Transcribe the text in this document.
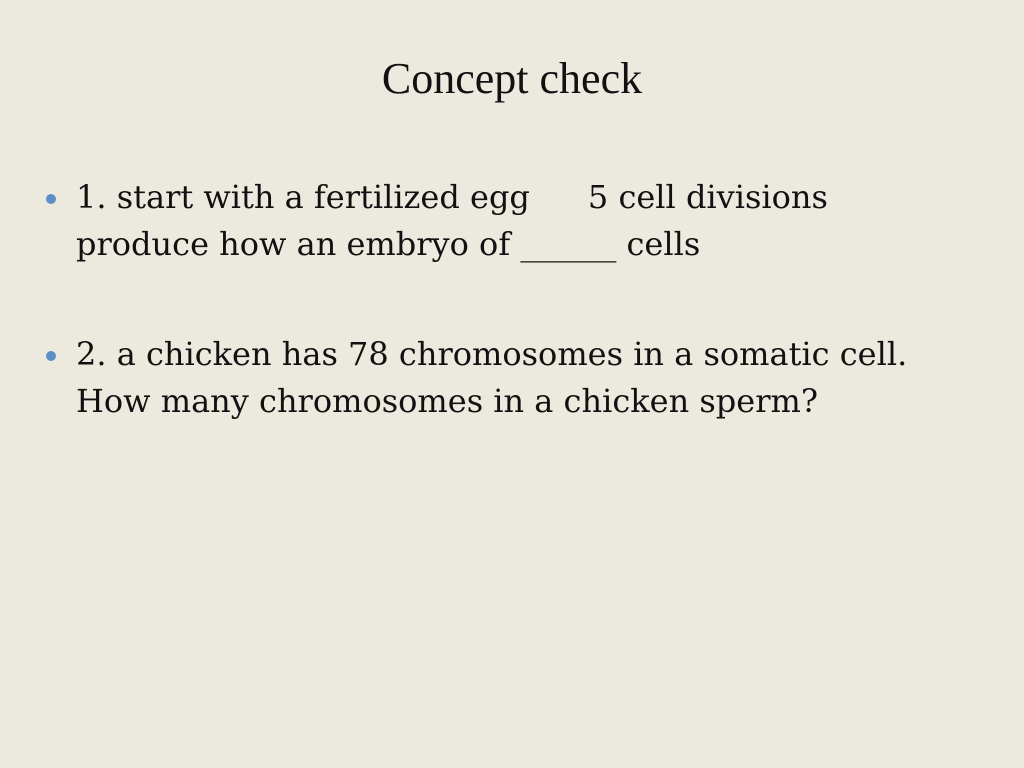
Concept check
1. start with a fertilized egg 5 cell divisions
produce how an embryo of ______ cells
2. a chicken has 78 chromosomes in a somatic cell.
How many chromosomes in a chicken sperm?
